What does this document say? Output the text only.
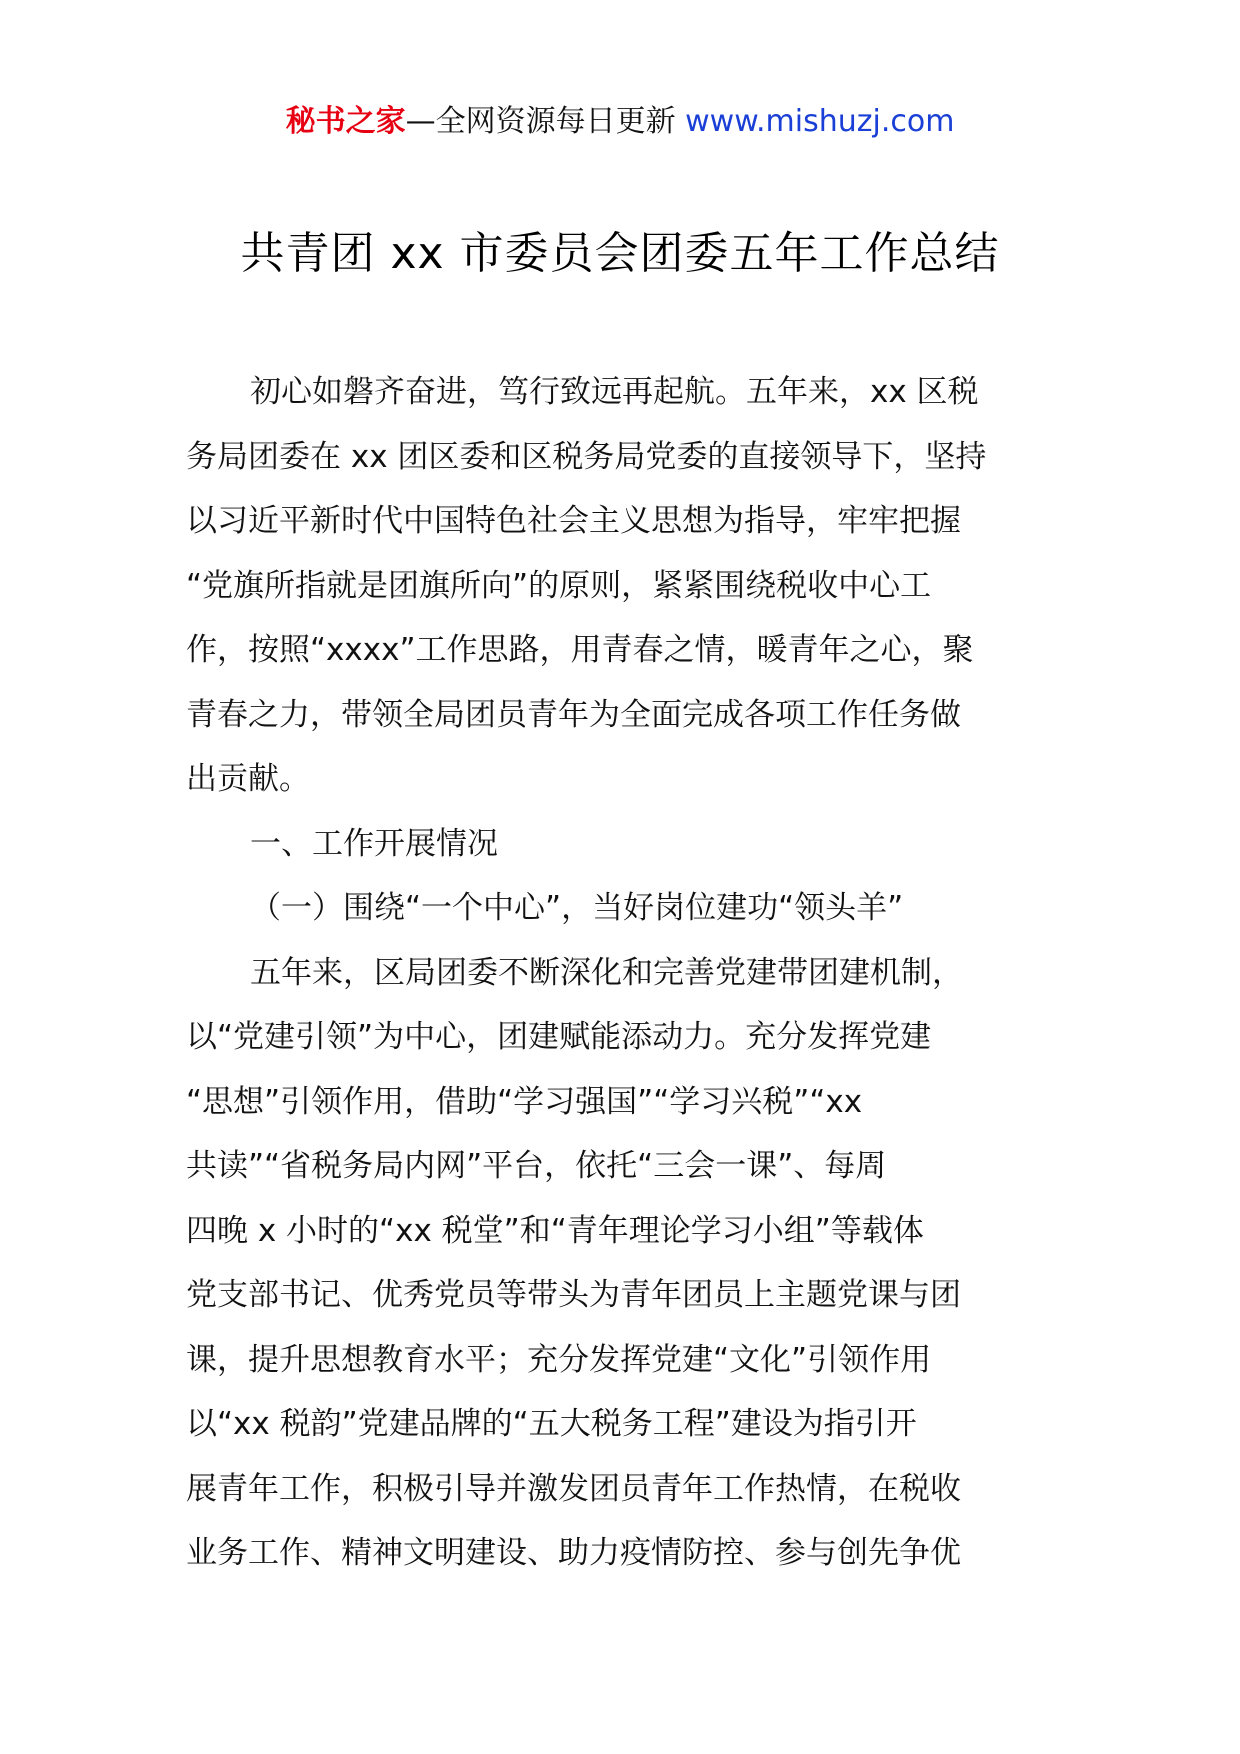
秘书之家—全网资源每日更新 www.mishuzj.com
共青团 xx 市委员会团委五年工作总结
初心如磐齐奋进，笃行致远再起航。五年来，xx 区税
务局团委在 xx 团区委和区税务局党委的直接领导下，坚持
以习近平新时代中国特色社会主义思想为指导，牢牢把握
“党旗所指就是团旗所向”的原则，紧紧围绕税收中心工
作，按照“xxxx”工作思路，用青春之情，暖青年之心，聚
青春之力，带领全局团员青年为全面完成各项工作任务做
出贡献。
一、工作开展情况
（一）围绕“一个中心”，当好岗位建功“领头羊”
五年来，区局团委不断深化和完善党建带团建机制，
以“党建引领”为中心，团建赋能添动力。充分发挥党建
“思想”引领作用，借助“学习强国”“学习兴税”“xx
共读”“省税务局内网”平台，依托“三会一课”、每周
四晚 x 小时的“xx 税堂”和“青年理论学习小组”等载体
党支部书记、优秀党员等带头为青年团员上主题党课与团
课，提升思想教育水平；充分发挥党建“文化”引领作用
以“xx 税韵”党建品牌的“五大税务工程”建设为指引开
展青年工作，积极引导并激发团员青年工作热情，在税收
业务工作、精神文明建设、助力疫情防控、参与创先争优
